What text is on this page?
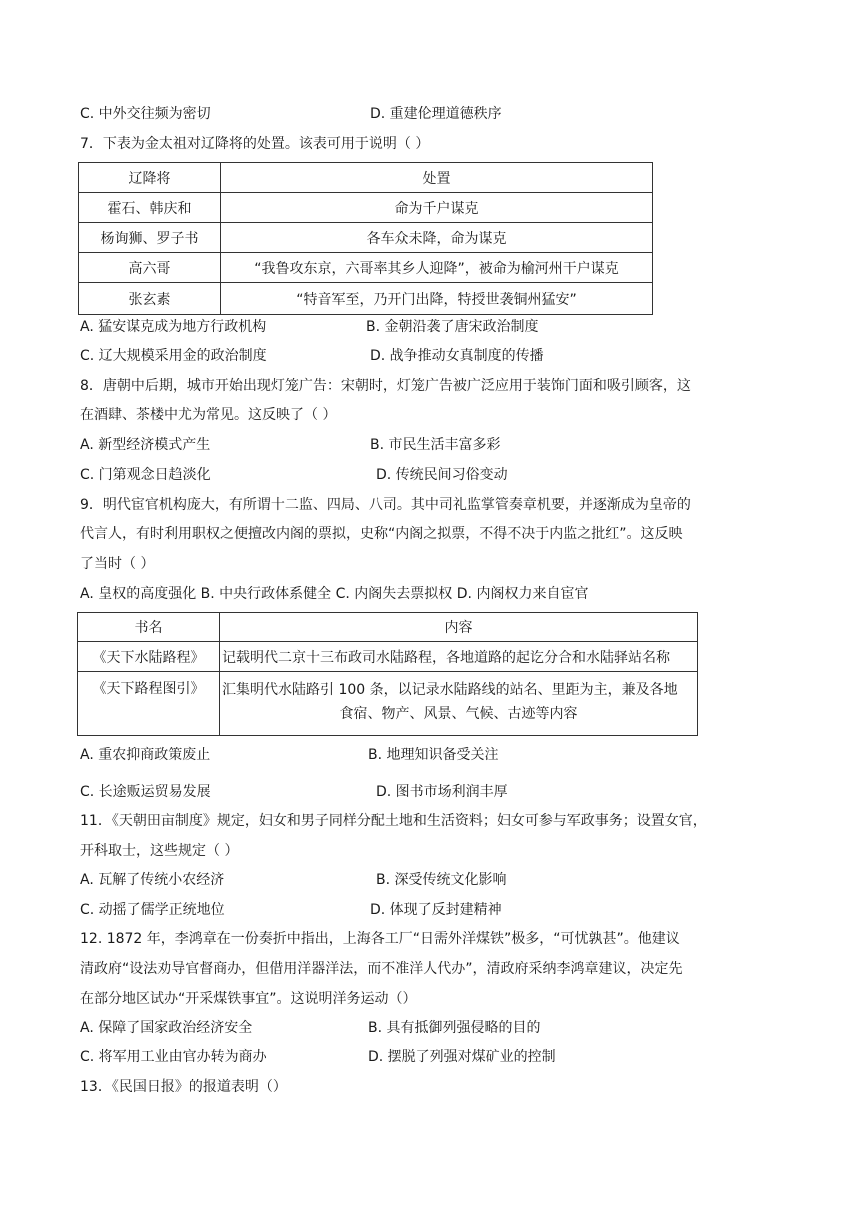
C. 中外交往频为密切	D. 重建伦理道德秩序
7．下表为金太祖对辽降将的处置。该表可用于说明（ ）
辽降将	处置
霍石、韩庆和	命为千户谋克
杨询狮、罗子书	各车众未降，命为谋克
高六哥	“我鲁攻东京，六哥率其乡人迎降”，被命为榆河州干户谋克
张玄素	“特音军至，乃开门出降，特授世袭铜州猛安”
A. 猛安谋克成为地方行政机构	B. 金朝沿袭了唐宋政治制度
C. 辽大规模采用金的政治制度	D. 战争推动女真制度的传播
8．唐朝中后期，城市开始出现灯笼广告：宋朝时，灯笼广告被广泛应用于装饰门面和吸引顾客，这
在酒肆、茶楼中尤为常见。这反映了（ ）
A. 新型经济模式产生	B. 市民生活丰富多彩
C. 门第观念日趋淡化	D. 传统民间习俗变动
9．明代宦官机构庞大，有所谓十二监、四局、八司。其中司礼监掌管奏章机要，并逐渐成为皇帝的
代言人，有时利用职权之便擅改内阁的票拟，史称“内阁之拟票，不得不决于内监之批红”。这反映
了当时（ ）
A. 皇权的高度强化 B. 中央行政体系健全 C. 内阁失去票拟权 D. 内阁权力来自宦官
书名	内容
《天下水陆路程》	记载明代二京十三布政司水陆路程，各地道路的起讫分合和水陆驿站名称
《天下路程图引》	汇集明代水陆路引 100 条，以记录水陆路线的站名、里距为主，兼及各地
食宿、物产、风景、气候、古迹等内容
A. 重农抑商政策废止	B. 地理知识备受关注
C. 长途贩运贸易发展	D. 图书市场利润丰厚
11．《天朝田亩制度》规定，妇女和男子同样分配土地和生活资料；妇女可参与军政事务；设置女官，
开科取士，这些规定（ ）
A. 瓦解了传统小农经济	B. 深受传统文化影响
C. 动摇了儒学正统地位	D. 体现了反封建精神
12. 1872 年，李鸿章在一份奏折中指出，上海各工厂“日需外洋煤铁”极多，“可忧孰甚”。他建议
清政府“设法劝导官督商办，但借用洋器洋法，而不准洋人代办”，清政府采纳李鸿章建议，决定先
在部分地区试办“开采煤铁事宜”。这说明洋务运动（）
A. 保障了国家政治经济安全	B. 具有抵御列强侵略的目的
C. 将军用工业由官办转为商办	D. 摆脱了列强对煤矿业的控制
13．《民国日报》的报道表明（）
